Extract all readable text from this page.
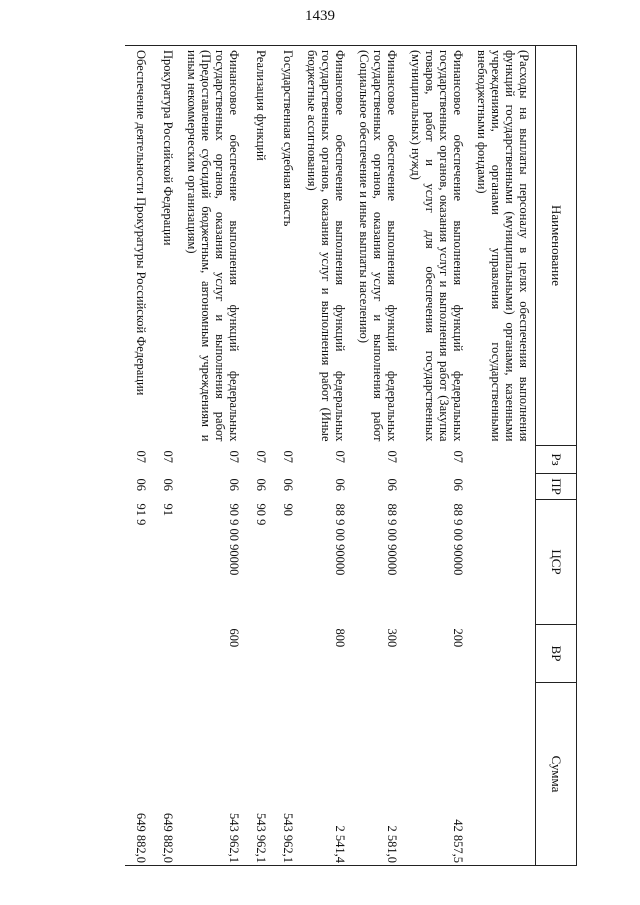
1439
Наименование	Рз	ПР	ЦСР	ВР	Сумма
(Расходы на выплаты персоналу в целях обеспечения выполнения функций государственными (муниципальными) органами, казенными учреждениями, органами управления государственными внебюджетными фондами)					
Финансовое обеспечение выполнения функций федеральных государственных органов, оказания услуг и выполнения работ (Закупка товаров, работ и услуг для обеспечения государственных (муниципальных) нужд)	07	06	88 9 00 90000	200	42 857,5
Финансовое обеспечение выполнения функций федеральных государственных органов, оказания услуг и выполнения работ (Социальное обеспечение и иные выплаты населению)	07	06	88 9 00 90000	300	2 581,0
Финансовое обеспечение выполнения функций федеральных государственных органов, оказания услуг и выполнения работ (Иные бюджетные ассигнования)	07	06	88 9 00 90000	800	2 541,4
Государственная судебная власть	07	06	90		543 962,1
Реализация функций	07	06	90 9		543 962,1
Финансовое обеспечение выполнения функций федеральных государственных органов, оказания услуг и выполнения работ (Предоставление субсидий бюджетным, автономным учреждениям и иным некоммерческим организациям)	07	06	90 9 00 90000	600	543 962,1
Прокуратура Российской Федерации	07	06	91		649 882,0
Обеспечение деятельности Прокуратуры Российской Федерации	07	06	91 9		649 882,0
